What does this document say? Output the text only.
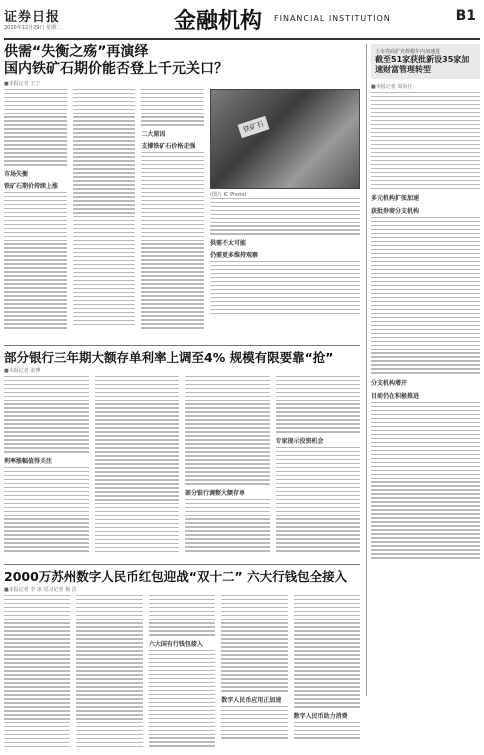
证券日报
2020年12月29日 星期二	金融机构 FINANCIAL INSTITUTION	B1
供需“失衡之殇”再演绎
国内铁矿石期价能否登上千元关口？
■本报记者 王宁
市场失衡
铁矿石期价持续上涨
二大原因
支撑铁矿石价格走强
铁矿石
(图片 IC Photo)
供需不太可能
仍需更多维持观察
部分银行三年期大额存单利率上调至4% 规模有限要靠“抢”
■本报记者 张博
利率涨幅值得关注
部分银行调整大额存单
专家提示投资机会
2000万苏州数字人民币红包迎战“双十二” 六大行钱包全接入
■本报记者 李 冰 见习记者 杨 洁
六大国有行钱包接入
数字人民币应用正加速
数字人民币助力消费
上市券商扩充规模年内加速进
截至51家获批新设35家加速财富管理转型
■本报记者 周尚仔
多元机构扩张加速
获批券商分支机构
分支机构增开
目前仍在积极推进
